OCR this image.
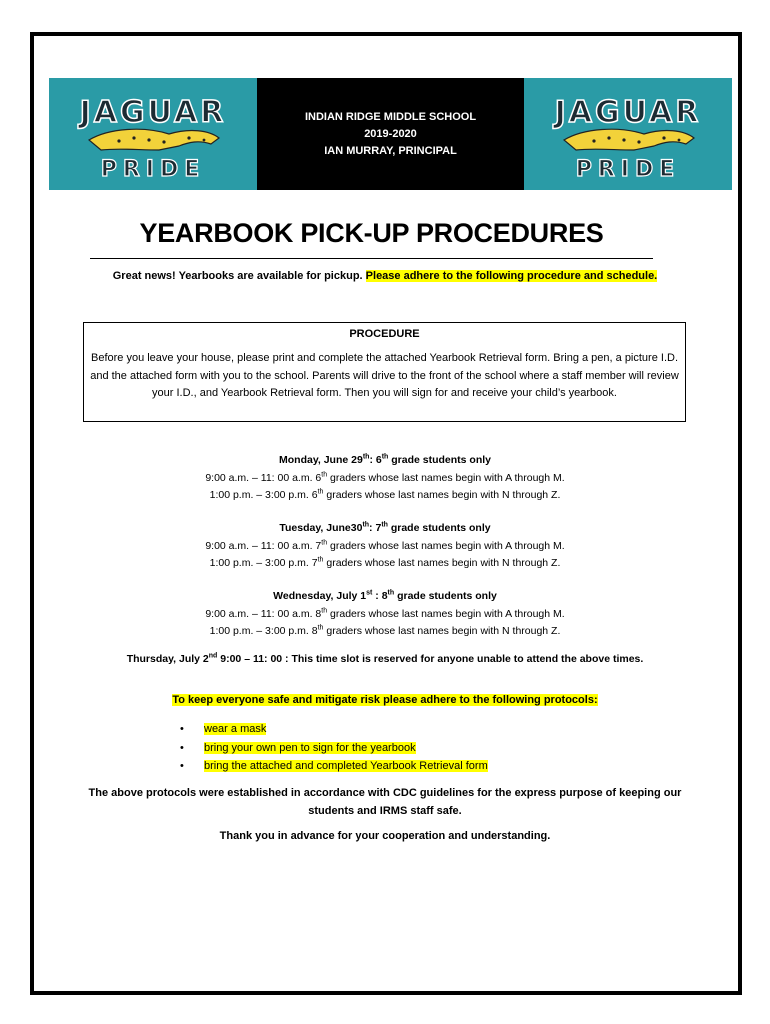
JAGUAR
PRIDE
INDIAN RIDGE MIDDLE SCHOOL
2019-2020
IAN MURRAY, PRINCIPAL
JAGUAR
PRIDE
YEARBOOK PICK-UP PROCEDURES
Great news! Yearbooks are available for pickup. Please adhere to the following procedure and schedule.
PROCEDURE
Before you leave your house, please print and complete the attached Yearbook Retrieval form. Bring a pen, a picture I.D. and the attached form with you to the school. Parents will drive to the front of the school where a staff member will review your I.D., and Yearbook Retrieval form. Then you will sign for and receive your child’s yearbook.
Monday, June 29th: 6th grade students only
9:00 a.m. – 11: 00 a.m. 6th graders whose last names begin with A through M.
1:00 p.m. – 3:00 p.m. 6th graders whose last names begin with N through Z.
Tuesday, June30th: 7th grade students only
9:00 a.m. – 11: 00 a.m. 7th graders whose last names begin with A through M.
1:00 p.m. – 3:00 p.m. 7th graders whose last names begin with N through Z.
Wednesday, July 1st : 8th grade students only
9:00 a.m. – 11: 00 a.m. 8th graders whose last names begin with A through M.
1:00 p.m. – 3:00 p.m. 8th graders whose last names begin with N through Z.
Thursday, July 2nd 9:00 – 11: 00 : This time slot is reserved for anyone unable to attend the above times.
To keep everyone safe and mitigate risk please adhere to the following protocols:
• wear a mask
• bring your own pen to sign for the yearbook
• bring the attached and completed Yearbook Retrieval form
The above protocols were established in accordance with CDC guidelines for the express purpose of keeping our students and IRMS staff safe.
Thank you in advance for your cooperation and understanding.
